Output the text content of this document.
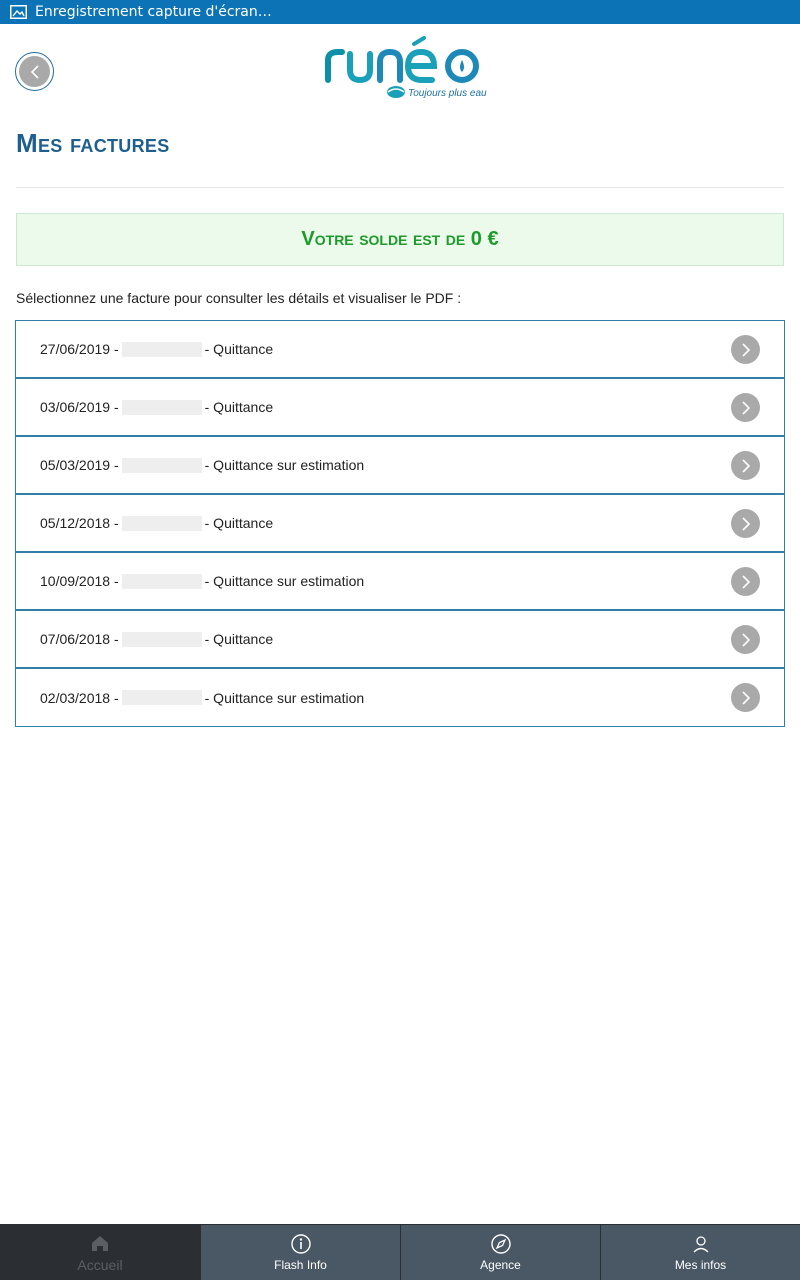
Enregistrement capture d'écran…
Toujours plus eau
Mes factures
Votre solde est de 0 €
Sélectionnez une facture pour consulter les détails et visualiser le PDF :
27/06/2019 -	- Quittance
03/06/2019 -	- Quittance
05/03/2019 -	- Quittance sur estimation
05/12/2018 -	- Quittance
10/09/2018 -	- Quittance sur estimation
07/06/2018 -	- Quittance
02/03/2018 -	- Quittance sur estimation
Accueil	Flash Info	Agence	Mes infos
